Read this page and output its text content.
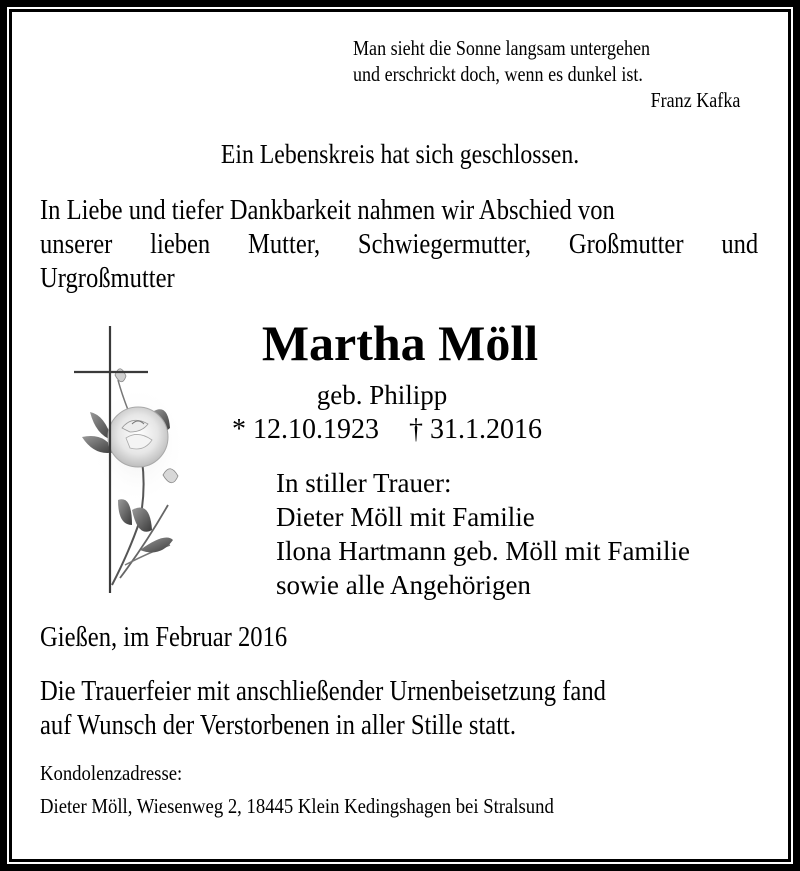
Man sieht die Sonne langsam untergehen
und erschrickt doch, wenn es dunkel ist.
Franz Kafka
Ein Lebenskreis hat sich geschlossen.
In Liebe und tiefer Dankbarkeit nahmen wir Abschied von
unserer lieben Mutter, Schwiegermutter, Großmutter und
Urgroßmutter
Martha Möll
geb. Philipp
* 12.10.1923 † 31.1.2016
In stiller Trauer:
Dieter Möll mit Familie
Ilona Hartmann geb. Möll mit Familie
sowie alle Angehörigen
Gießen, im Februar 2016
Die Trauerfeier mit anschließender Urnenbeisetzung fand
auf Wunsch der Verstorbenen in aller Stille statt.
Kondolenzadresse:
Dieter Möll, Wiesenweg 2, 18445 Klein Kedingshagen bei Stralsund
